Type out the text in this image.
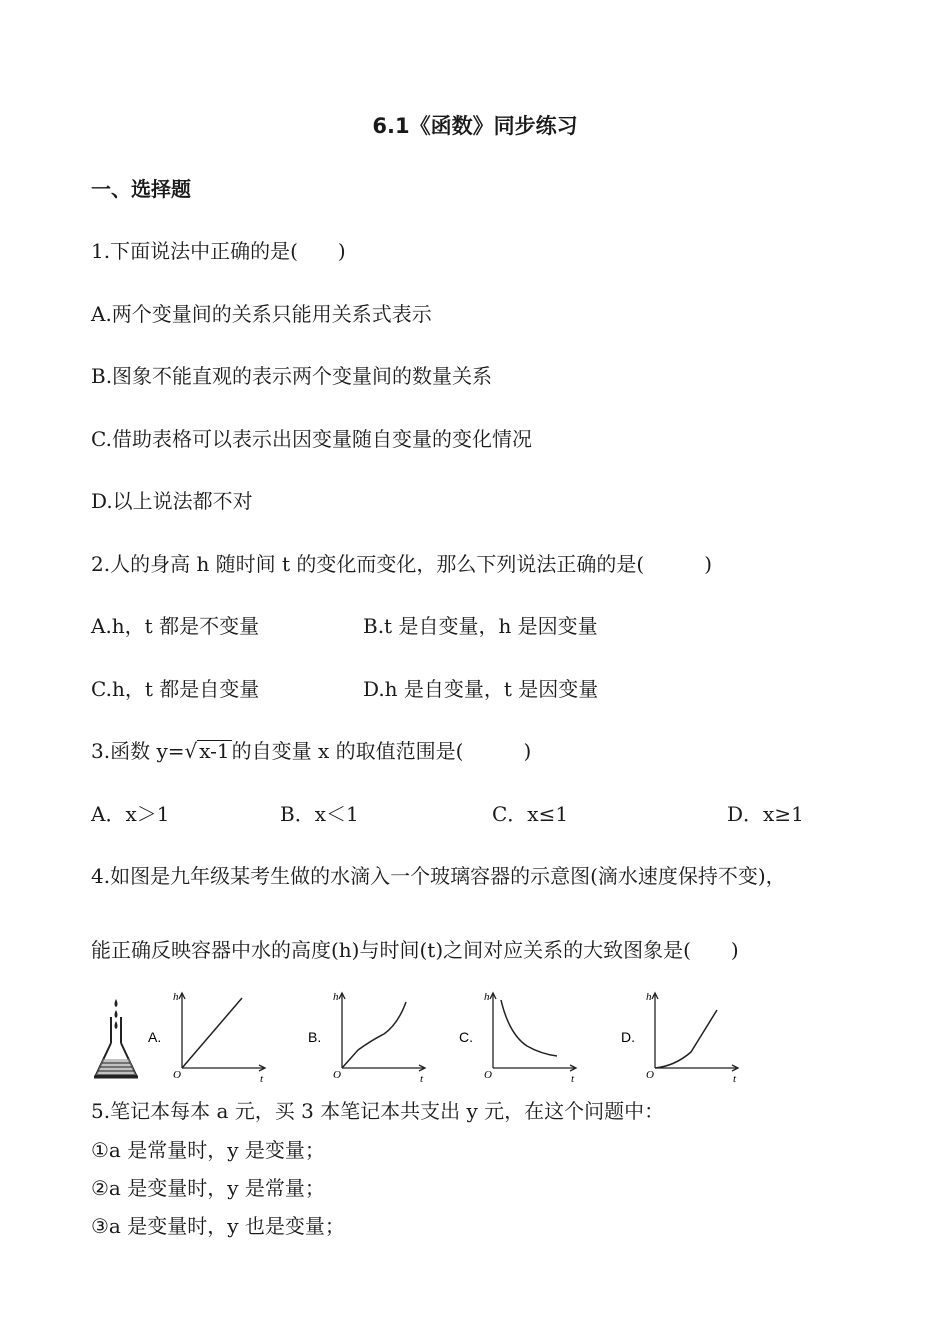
6.1《函数》同步练习
一、选择题
1.下面说法中正确的是(　　)
A.两个变量间的关系只能用关系式表示
B.图象不能直观的表示两个变量间的数量关系
C.借助表格可以表示出因变量随自变量的变化情况
D.以上说法都不对
2.人的身高 h 随时间 t 的变化而变化，那么下列说法正确的是(　　　)
A.h，t 都是不变量	B.t 是自变量，h 是因变量
C.h，t 都是自变量	D.h 是自变量，t 是因变量
3.函数 y=√ x-1 的自变量 x 的取值范围是(　　　)
A．x＞1	B．x＜1	C．x≤1	D．x≥1
4.如图是九年级某考生做的水滴入一个玻璃容器的示意图(滴水速度保持不变)，
能正确反映容器中水的高度(h)与时间(t)之间对应关系的大致图象是(　　)
A.
h
O	t
B.
h
O	t
C.
h
O	t
D.
h
O	t
5.笔记本每本 a 元，买 3 本笔记本共支出 y 元，在这个问题中：
①a 是常量时，y 是变量；
②a 是变量时，y 是常量；
③a 是变量时，y 也是变量；
